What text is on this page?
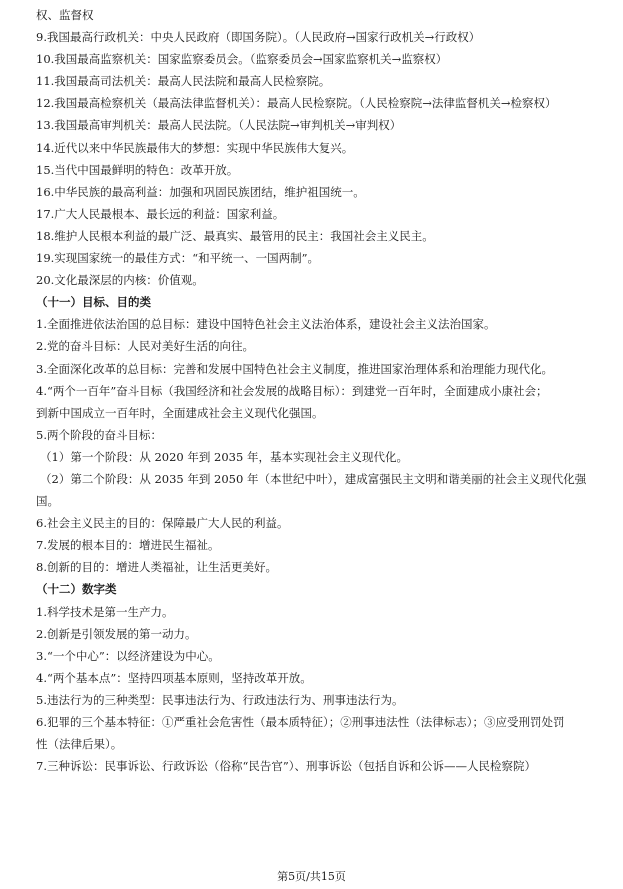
权、监督权
9.我国最高行政机关：中央人民政府（即国务院）。（人民政府→国家行政机关→行政权）
10.我国最高监察机关：国家监察委员会。（监察委员会→国家监察机关→监察权）
11.我国最高司法机关：最高人民法院和最高人民检察院。
12.我国最高检察机关（最高法律监督机关）：最高人民检察院。（人民检察院→法律监督机关→检察权）
13.我国最高审判机关：最高人民法院。（人民法院→审判机关→审判权）
14.近代以来中华民族最伟大的梦想：实现中华民族伟大复兴。
15.当代中国最鲜明的特色：改革开放。
16.中华民族的最高利益：加强和巩固民族团结，维护祖国统一。
17.广大人民最根本、最长远的利益：国家利益。
18.维护人民根本利益的最广泛、最真实、最管用的民主：我国社会主义民主。
19.实现国家统一的最佳方式：“和平统一、一国两制”。
20.文化最深层的内核：价值观。
（十一）目标、目的类
1.全面推进依法治国的总目标：建设中国特色社会主义法治体系，建设社会主义法治国家。
2.党的奋斗目标：人民对美好生活的向往。
3.全面深化改革的总目标：完善和发展中国特色社会主义制度，推进国家治理体系和治理能力现代化。
4.“两个一百年”奋斗目标（我国经济和社会发展的战略目标）：到建党一百年时，全面建成小康社会；
到新中国成立一百年时，全面建成社会主义现代化强国。
5.两个阶段的奋斗目标：
（1）第一个阶段：从 2020 年到 2035 年，基本实现社会主义现代化。
（2）第二个阶段：从 2035 年到 2050 年（本世纪中叶），建成富强民主文明和谐美丽的社会主义现代化强
国。
6.社会主义民主的目的：保障最广大人民的利益。
7.发展的根本目的：增进民生福祉。
8.创新的目的：增进人类福祉，让生活更美好。
（十二）数字类
1.科学技术是第一生产力。
2.创新是引领发展的第一动力。
3.“一个中心”：以经济建设为中心。
4.“两个基本点”：坚持四项基本原则，坚持改革开放。
5.违法行为的三种类型：民事违法行为、行政违法行为、刑事违法行为。
6.犯罪的三个基本特征：①严重社会危害性（最本质特征）；②刑事违法性（法律标志）；③应受刑罚处罚
性（法律后果）。
7.三种诉讼：民事诉讼、行政诉讼（俗称“民告官”）、刑事诉讼（包括自诉和公诉——人民检察院）
第5页/共15页
